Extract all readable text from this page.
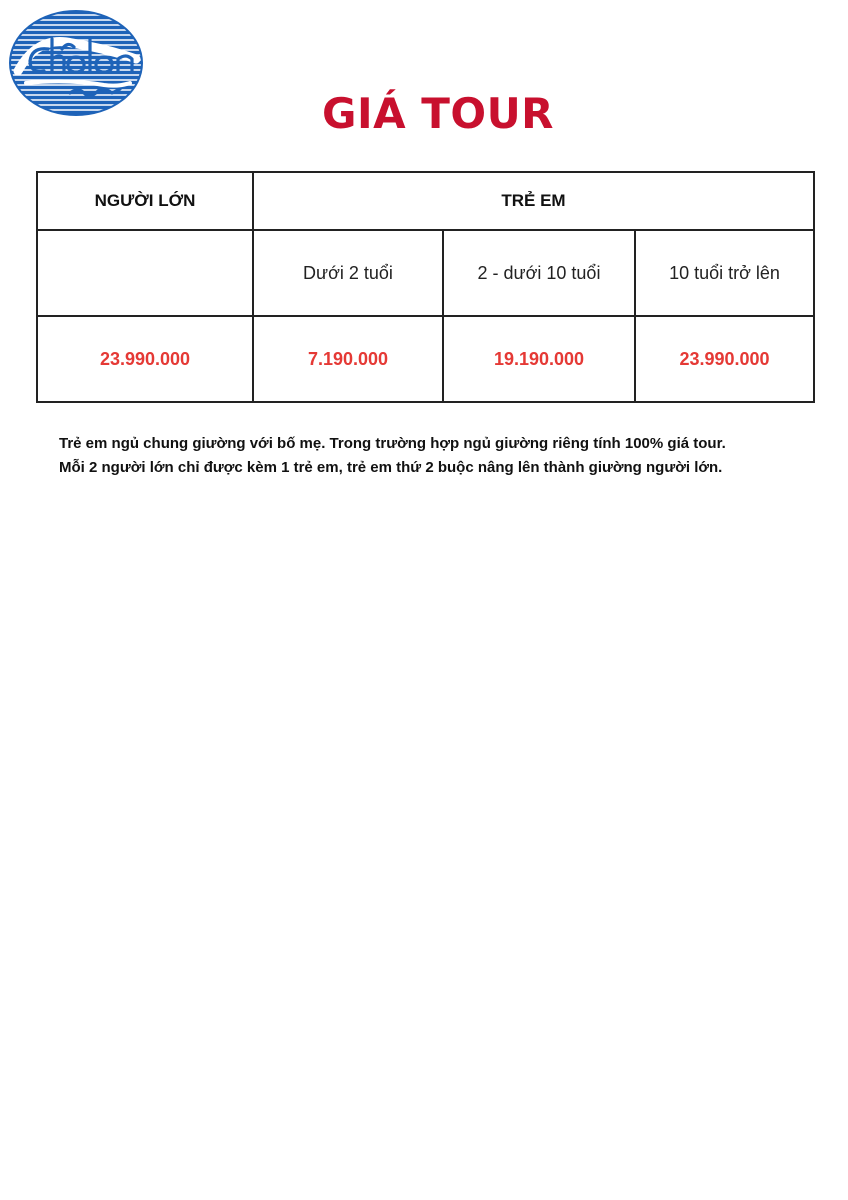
GIÁ TOUR
NGƯỜI LỚN	TRẺ EM		
	Dưới 2 tuổi	2 - dưới 10 tuổi	10 tuổi trở lên
23.990.000	7.190.000	19.190.000	23.990.000

Trẻ em ngủ chung giường với bố mẹ. Trong trường hợp ngủ giường riêng tính 100% giá tour.

Mỗi 2 người lớn chỉ được kèm 1 trẻ em, trẻ em thứ 2 buộc nâng lên thành giường người lớn.
